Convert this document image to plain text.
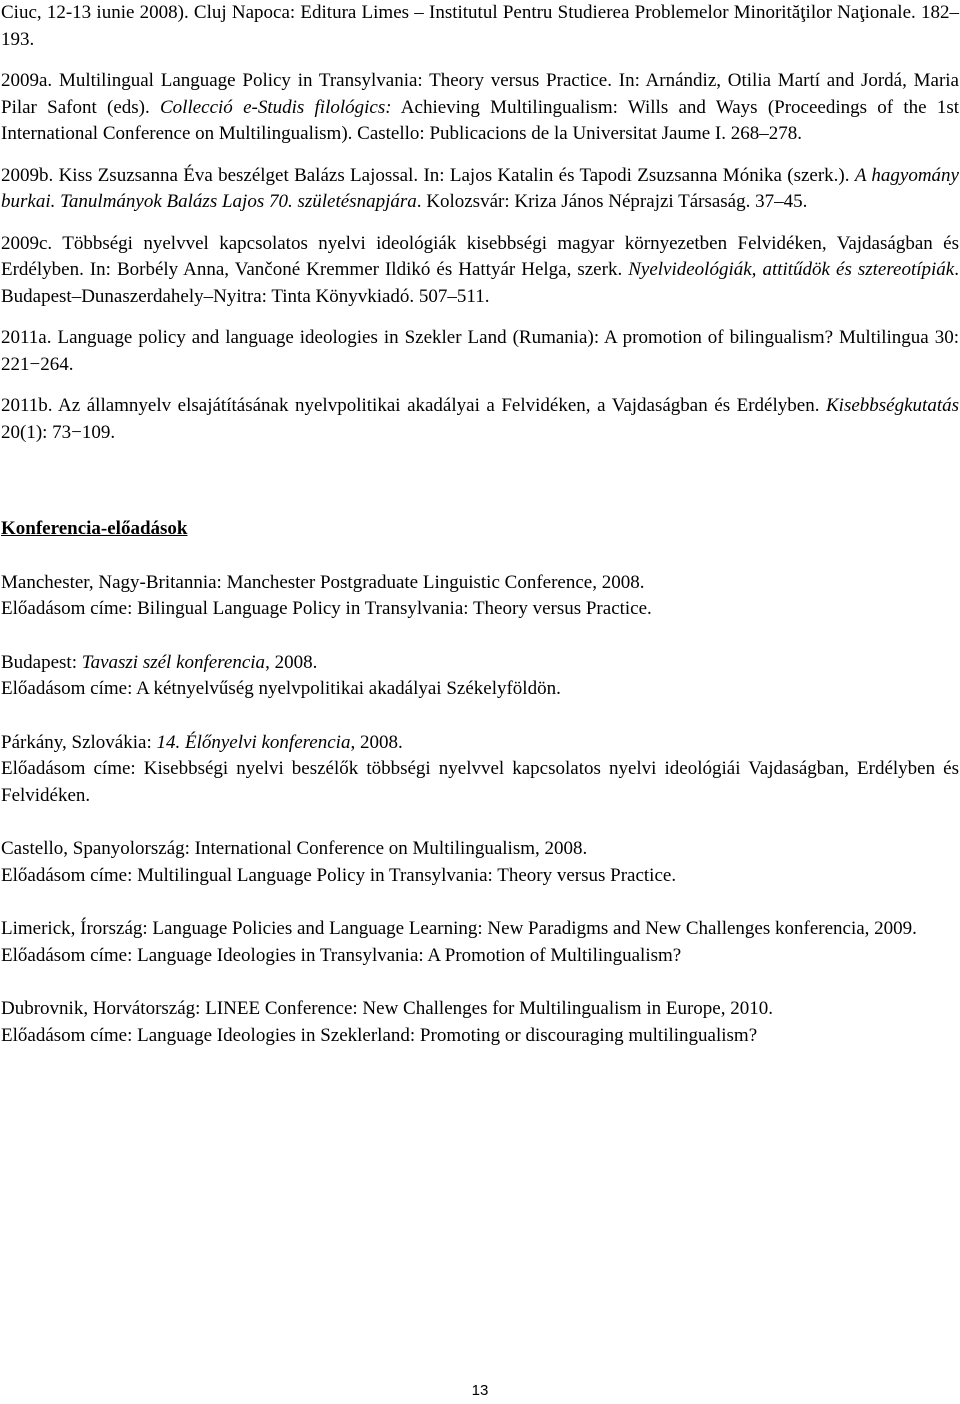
Ciuc, 12-13 iunie 2008). Cluj Napoca: Editura Limes – Institutul Pentru Studierea Problemelor Minorităţilor Naţionale. 182–193.

2009a. Multilingual Language Policy in Transylvania: Theory versus Practice. In: Arnándiz, Otilia Martí and Jordá, Maria Pilar Safont (eds). Collecció e-Studis filológics: Achieving Multilingualism: Wills and Ways (Proceedings of the 1st International Conference on Multilingualism). Castello: Publicacions de la Universitat Jaume I. 268–278.

2009b. Kiss Zsuzsanna Éva beszélget Balázs Lajossal. In: Lajos Katalin és Tapodi Zsuzsanna Mónika (szerk.). A hagyomány burkai. Tanulmányok Balázs Lajos 70. születésnapjára. Kolozsvár: Kriza János Néprajzi Társaság. 37–45.

2009c. Többségi nyelvvel kapcsolatos nyelvi ideológiák kisebbségi magyar környezetben Felvidéken, Vajdaságban és Erdélyben. In: Borbély Anna, Vančoné Kremmer Ildikó és Hattyár Helga, szerk. Nyelvideológiák, attitűdök és sztereotípiák. Budapest–Dunaszerdahely–Nyitra: Tinta Könyvkiadó. 507–511.

2011a. Language policy and language ideologies in Szekler Land (Rumania): A promotion of bilingualism? Multilingua 30: 221−264.

2011b. Az államnyelv elsajátításának nyelvpolitikai akadályai a Felvidéken, a Vajdaságban és Erdélyben. Kisebbségkutatás 20(1): 73−109.

Konferencia-előadások

Manchester, Nagy-Britannia: Manchester Postgraduate Linguistic Conference, 2008.

Előadásom címe: Bilingual Language Policy in Transylvania: Theory versus Practice.

Budapest: Tavaszi szél konferencia, 2008.

Előadásom címe: A kétnyelvűség nyelvpolitikai akadályai Székelyföldön.

Párkány, Szlovákia: 14. Élőnyelvi konferencia, 2008.

Előadásom címe: Kisebbségi nyelvi beszélők többségi nyelvvel kapcsolatos nyelvi ideológiái Vajdaságban, Erdélyben és Felvidéken.

Castello, Spanyolország: International Conference on Multilingualism, 2008.

Előadásom címe: Multilingual Language Policy in Transylvania: Theory versus Practice.

Limerick, Írország: Language Policies and Language Learning: New Paradigms and New Challenges konferencia, 2009.

Előadásom címe: Language Ideologies in Transylvania: A Promotion of Multilingualism?

Dubrovnik, Horvátország: LINEE Conference: New Challenges for Multilingualism in Europe, 2010.

Előadásom címe: Language Ideologies in Szeklerland: Promoting or discouraging multilingualism?

13
